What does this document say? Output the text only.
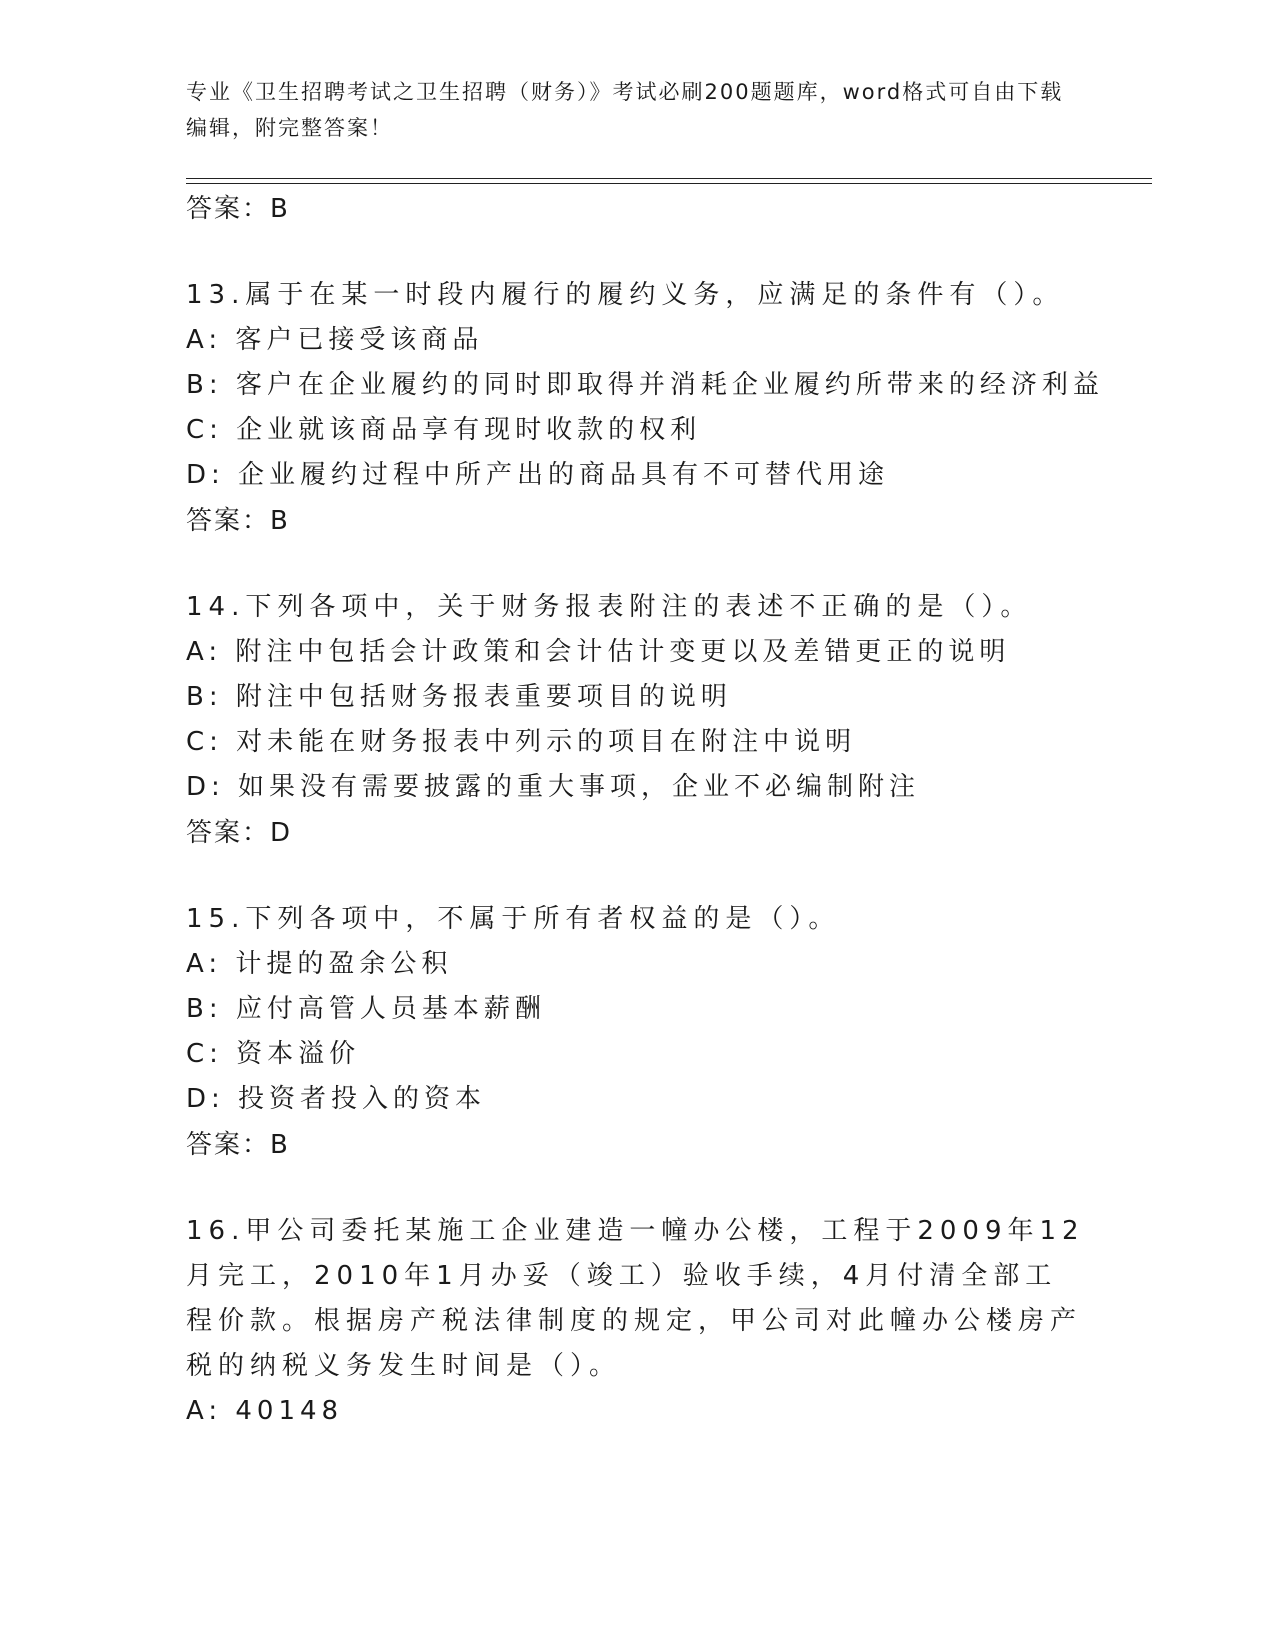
专业《卫生招聘考试之卫生招聘（财务）》考试必刷200题题库，word格式可自由下载编辑，附完整答案！
答案：B
13.属于在某一时段内履行的履约义务，应满足的条件有（）。
A: 客户已接受该商品
B: 客户在企业履约的同时即取得并消耗企业履约所带来的经济利益
C: 企业就该商品享有现时收款的权利
D: 企业履约过程中所产出的商品具有不可替代用途
答案：B
14.下列各项中，关于财务报表附注的表述不正确的是（）。
A: 附注中包括会计政策和会计估计变更以及差错更正的说明
B: 附注中包括财务报表重要项目的说明
C: 对未能在财务报表中列示的项目在附注中说明
D: 如果没有需要披露的重大事项，企业不必编制附注
答案：D
15.下列各项中，不属于所有者权益的是（）。
A: 计提的盈余公积
B: 应付高管人员基本薪酬
C: 资本溢价
D: 投资者投入的资本
答案：B
16.甲公司委托某施工企业建造一幢办公楼，工程于2009年12月完工，2010年1月办妥（竣工）验收手续，4月付清全部工程价款。根据房产税法律制度的规定，甲公司对此幢办公楼房产税的纳税义务发生时间是（）。
A: 40148
